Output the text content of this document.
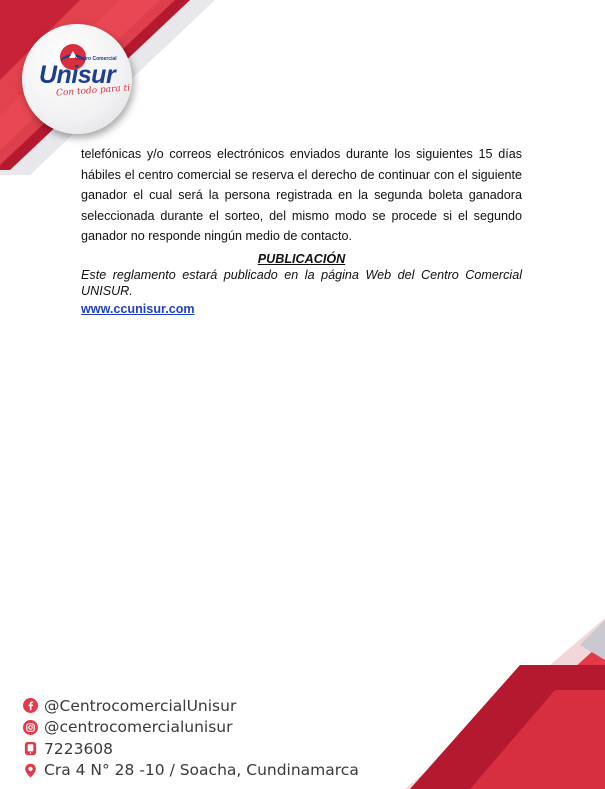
Centro Comercial
Unisur
Con todo para ti

telefónicas y/o correos electrónicos enviados durante los siguientes 15 días hábiles el centro comercial se reserva el derecho de continuar con el siguiente ganador el cual será la persona registrada en la segunda boleta ganadora seleccionada durante el sorteo, del mismo modo se procede si el segundo ganador no responde ningún medio de contacto.

PUBLICACIÓN

Este reglamento estará publicado en la página Web del Centro Comercial UNISUR.

www.ccunisur.com
@CentrocomercialUnisur
@centrocomercialunisur
7223608
Cra 4 N° 28 -10 / Soacha, Cundinamarca
